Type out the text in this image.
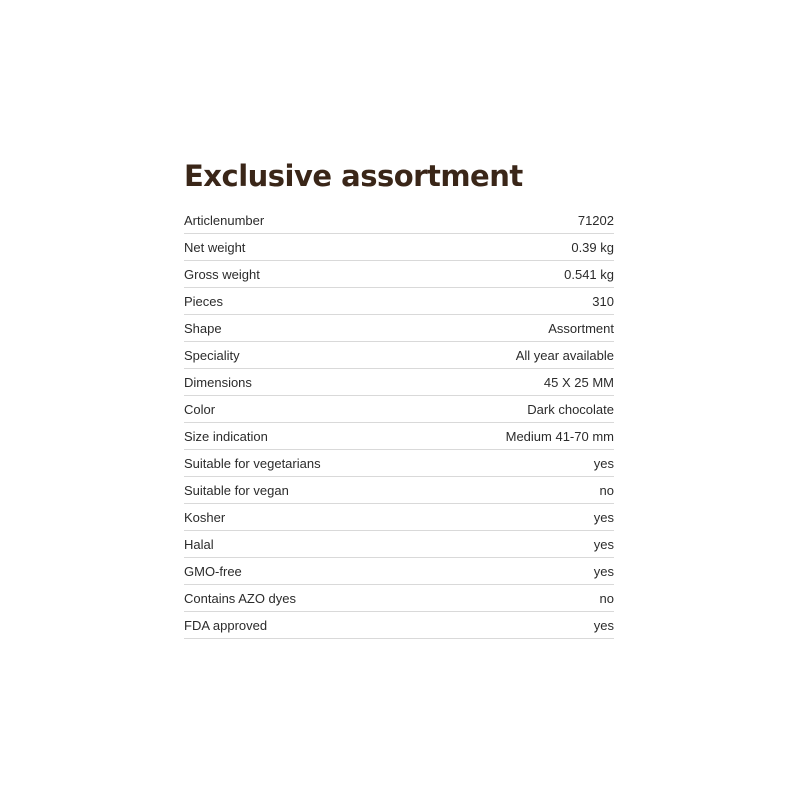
Exclusive assortment
Articlenumber	71202
Net weight	0.39 kg
Gross weight	0.541 kg
Pieces	310
Shape	Assortment
Speciality	All year available
Dimensions	45 X 25 MM
Color	Dark chocolate
Size indication	Medium 41-70 mm
Suitable for vegetarians	yes
Suitable for vegan	no
Kosher	yes
Halal	yes
GMO-free	yes
Contains AZO dyes	no
FDA approved	yes
